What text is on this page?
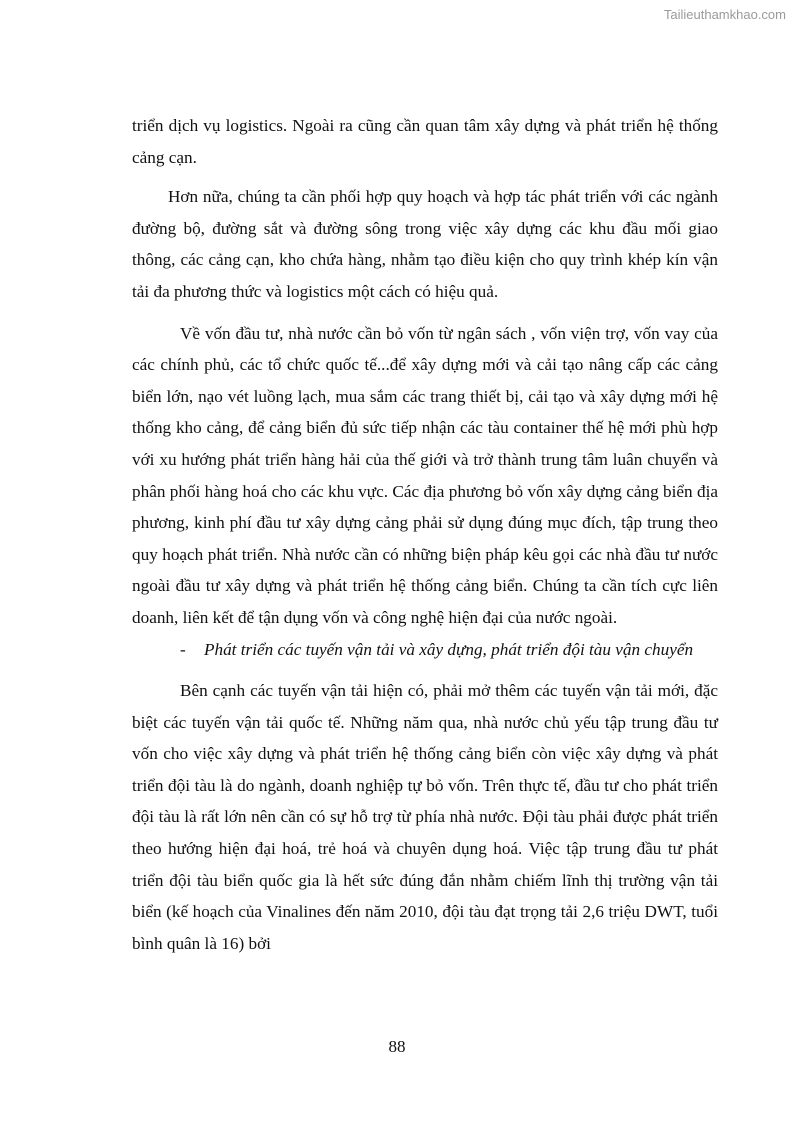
Tailieuthamkhao.com

triển dịch vụ logistics. Ngoài ra cũng cần quan tâm xây dựng và phát triển hệ thống cảng cạn.

Hơn nữa, chúng ta cần phối hợp quy hoạch và hợp tác phát triển với các ngành đường bộ, đường sắt và đường sông trong việc xây dựng các khu đầu mối giao thông, các cảng cạn, kho chứa hàng, nhằm tạo điều kiện cho quy trình khép kín vận tải đa phương thức và logistics một cách có hiệu quả.

Về vốn đầu tư, nhà nước cần bỏ vốn từ ngân sách , vốn viện trợ, vốn vay của các chính phủ, các tổ chức quốc tế...để xây dựng mới và cải tạo nâng cấp các cảng biển lớn, nạo vét luồng lạch, mua sắm các trang thiết bị, cải tạo và xây dựng mới hệ thống kho cảng, để cảng biển đủ sức tiếp nhận các tàu container thế hệ mới phù hợp với xu hướng phát triển hàng hải của thế giới và trở thành trung tâm luân chuyển và phân phối hàng hoá cho các khu vực. Các địa phương bỏ vốn xây dựng cảng biển địa phương, kinh phí đầu tư xây dựng cảng phải sử dụng đúng mục đích, tập trung theo quy hoạch phát triển. Nhà nước cần có những biện pháp kêu gọi các nhà đầu tư nước ngoài đầu tư xây dựng và phát triển hệ thống cảng biển. Chúng ta cần tích cực liên doanh, liên kết để tận dụng vốn và công nghệ hiện đại của nước ngoài.

- Phát triển các tuyến vận tải và xây dựng, phát triển đội tàu vận chuyển

Bên cạnh các tuyến vận tải hiện có, phải mở thêm các tuyến vận tải mới, đặc biệt các tuyến vận tải quốc tế. Những năm qua, nhà nước chủ yếu tập trung đầu tư vốn cho việc xây dựng và phát triển hệ thống cảng biển còn việc xây dựng và phát triển đội tàu là do ngành, doanh nghiệp tự bỏ vốn. Trên thực tế, đầu tư cho phát triển đội tàu là rất lớn nên cần có sự hỗ trợ từ phía nhà nước. Đội tàu phải được phát triển theo hướng hiện đại hoá, trẻ hoá và chuyên dụng hoá. Việc tập trung đầu tư phát triển đội tàu biển quốc gia là hết sức đúng đắn nhằm chiếm lĩnh thị trường vận tải biển (kế hoạch của Vinalines đến năm 2010, đội tàu đạt trọng tải 2,6 triệu DWT, tuổi bình quân là 16) bởi

88
